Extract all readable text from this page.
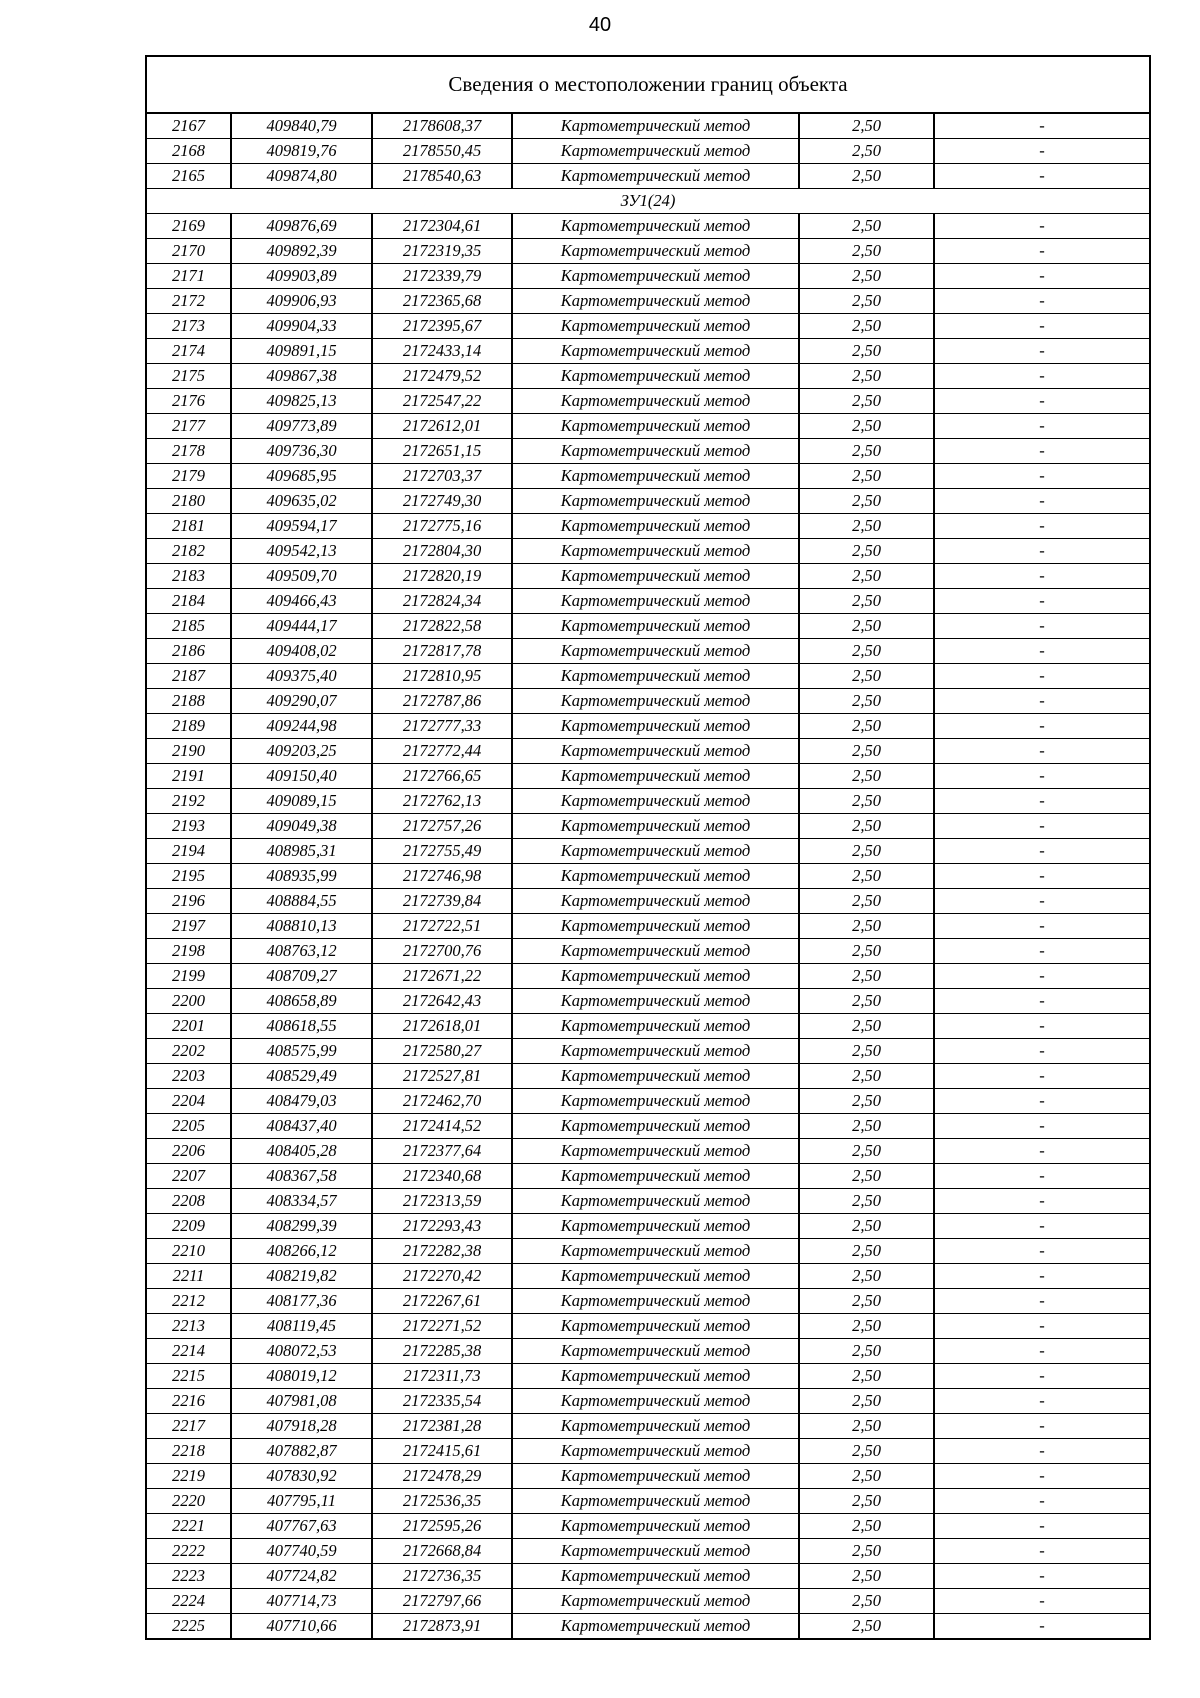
40
Сведения о местоположении границ объекта
2167	409840,79	2178608,37	Картометрический метод	2,50	-
2168	409819,76	2178550,45	Картометрический метод	2,50	-
2165	409874,80	2178540,63	Картометрический метод	2,50	-
ЗУ1(24)					
2169	409876,69	2172304,61	Картометрический метод	2,50	-
2170	409892,39	2172319,35	Картометрический метод	2,50	-
2171	409903,89	2172339,79	Картометрический метод	2,50	-
2172	409906,93	2172365,68	Картометрический метод	2,50	-
2173	409904,33	2172395,67	Картометрический метод	2,50	-
2174	409891,15	2172433,14	Картометрический метод	2,50	-
2175	409867,38	2172479,52	Картометрический метод	2,50	-
2176	409825,13	2172547,22	Картометрический метод	2,50	-
2177	409773,89	2172612,01	Картометрический метод	2,50	-
2178	409736,30	2172651,15	Картометрический метод	2,50	-
2179	409685,95	2172703,37	Картометрический метод	2,50	-
2180	409635,02	2172749,30	Картометрический метод	2,50	-
2181	409594,17	2172775,16	Картометрический метод	2,50	-
2182	409542,13	2172804,30	Картометрический метод	2,50	-
2183	409509,70	2172820,19	Картометрический метод	2,50	-
2184	409466,43	2172824,34	Картометрический метод	2,50	-
2185	409444,17	2172822,58	Картометрический метод	2,50	-
2186	409408,02	2172817,78	Картометрический метод	2,50	-
2187	409375,40	2172810,95	Картометрический метод	2,50	-
2188	409290,07	2172787,86	Картометрический метод	2,50	-
2189	409244,98	2172777,33	Картометрический метод	2,50	-
2190	409203,25	2172772,44	Картометрический метод	2,50	-
2191	409150,40	2172766,65	Картометрический метод	2,50	-
2192	409089,15	2172762,13	Картометрический метод	2,50	-
2193	409049,38	2172757,26	Картометрический метод	2,50	-
2194	408985,31	2172755,49	Картометрический метод	2,50	-
2195	408935,99	2172746,98	Картометрический метод	2,50	-
2196	408884,55	2172739,84	Картометрический метод	2,50	-
2197	408810,13	2172722,51	Картометрический метод	2,50	-
2198	408763,12	2172700,76	Картометрический метод	2,50	-
2199	408709,27	2172671,22	Картометрический метод	2,50	-
2200	408658,89	2172642,43	Картометрический метод	2,50	-
2201	408618,55	2172618,01	Картометрический метод	2,50	-
2202	408575,99	2172580,27	Картометрический метод	2,50	-
2203	408529,49	2172527,81	Картометрический метод	2,50	-
2204	408479,03	2172462,70	Картометрический метод	2,50	-
2205	408437,40	2172414,52	Картометрический метод	2,50	-
2206	408405,28	2172377,64	Картометрический метод	2,50	-
2207	408367,58	2172340,68	Картометрический метод	2,50	-
2208	408334,57	2172313,59	Картометрический метод	2,50	-
2209	408299,39	2172293,43	Картометрический метод	2,50	-
2210	408266,12	2172282,38	Картометрический метод	2,50	-
2211	408219,82	2172270,42	Картометрический метод	2,50	-
2212	408177,36	2172267,61	Картометрический метод	2,50	-
2213	408119,45	2172271,52	Картометрический метод	2,50	-
2214	408072,53	2172285,38	Картометрический метод	2,50	-
2215	408019,12	2172311,73	Картометрический метод	2,50	-
2216	407981,08	2172335,54	Картометрический метод	2,50	-
2217	407918,28	2172381,28	Картометрический метод	2,50	-
2218	407882,87	2172415,61	Картометрический метод	2,50	-
2219	407830,92	2172478,29	Картометрический метод	2,50	-
2220	407795,11	2172536,35	Картометрический метод	2,50	-
2221	407767,63	2172595,26	Картометрический метод	2,50	-
2222	407740,59	2172668,84	Картометрический метод	2,50	-
2223	407724,82	2172736,35	Картометрический метод	2,50	-
2224	407714,73	2172797,66	Картометрический метод	2,50	-
2225	407710,66	2172873,91	Картометрический метод	2,50	-
